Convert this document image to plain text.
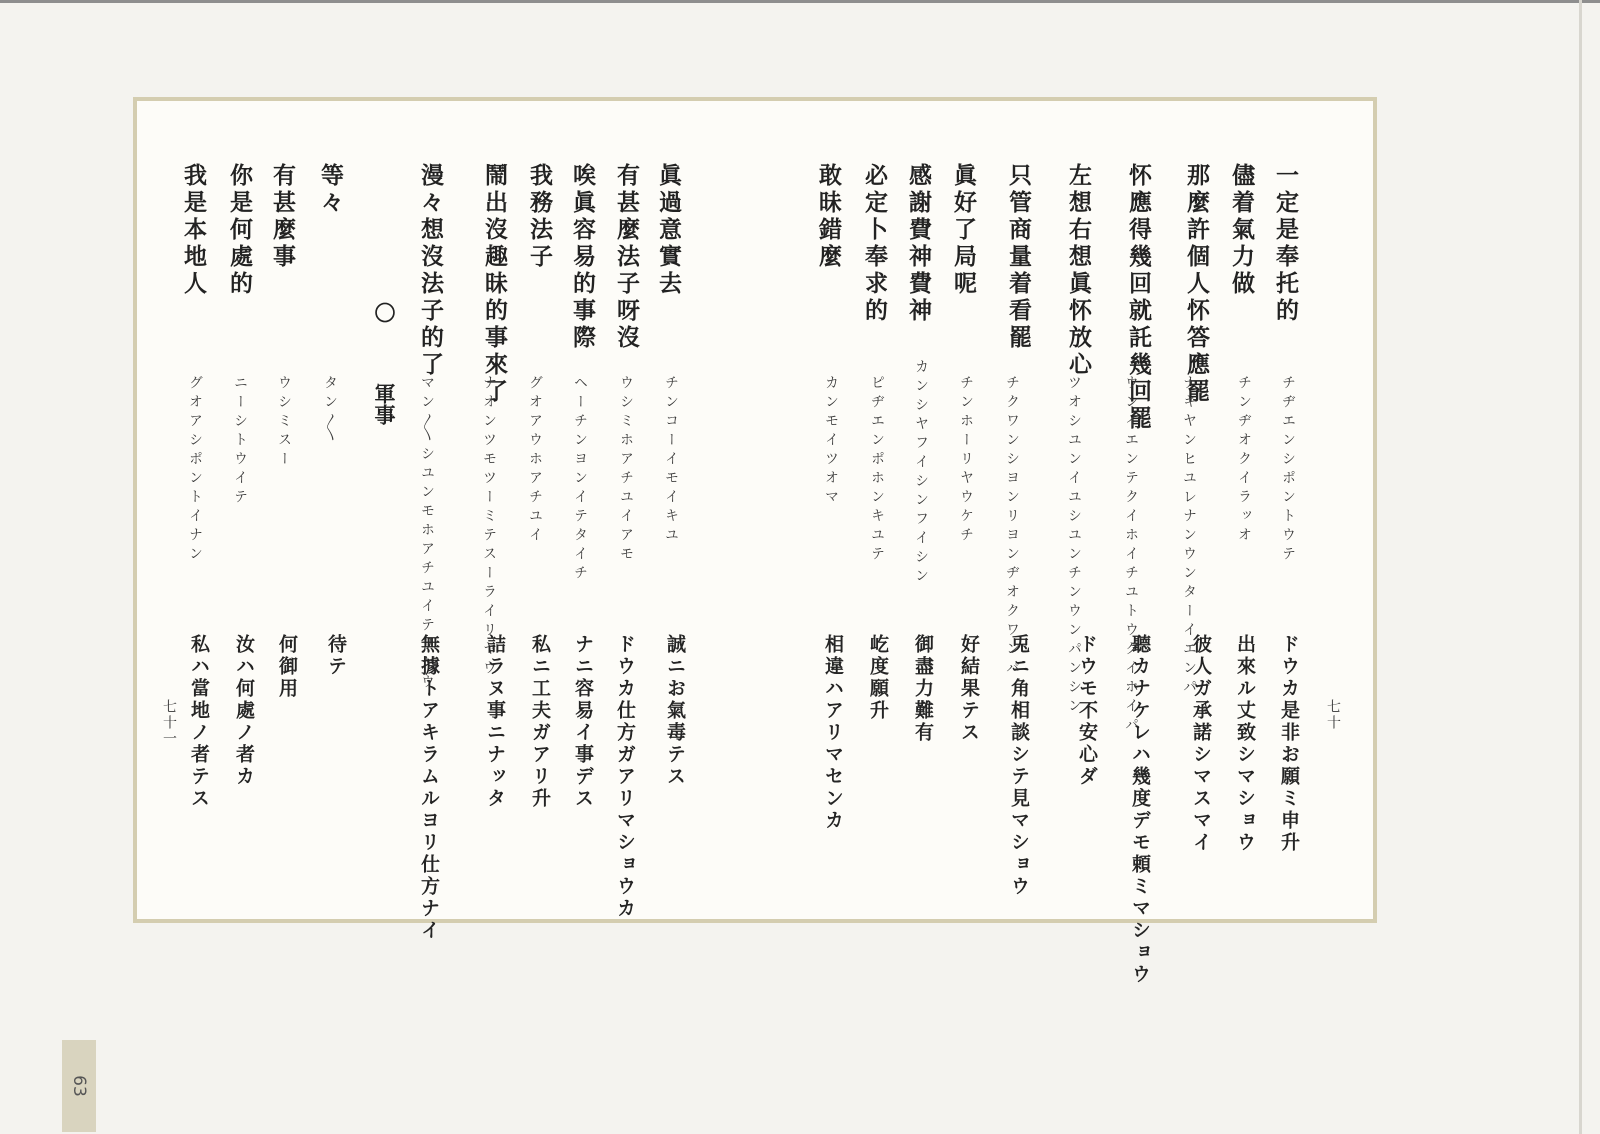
63
七十
七十一
一定是奉托的
儘着氣力做
那麼許個人怀答應罷
怀應得幾回就託幾回罷
左想右想眞怀放心
只管商量着看罷
眞好了局呢
感謝費神費神
必定卜奉求的
敢昧錯麼
チヂエンシポントウテ
チンヂオクイラッオ
ナキヤンヒユレナンウンターイエンパ
ウンイエンテクイホイチユトウクイホイパ
ツオシユンイユシユンチンウンパンシン
チクワンシヨンリヨンヂオクワンパ
チンホーリヤウケチ
カンシヤフイシンフイシン
ピヂエンポホンキユテ
カンモイツオマ
ドウカ是非お願ミ申升
出來ル丈致シマショウ
彼人ガ承諾シマスマイ
聽カナケレハ幾度デモ頼ミマショウ
ドウモ不安心ダ
兎ニ角相談シテ見マショウ
好結果テス
御盡力難有
屹度願升
相違ハアリマセンカ
眞過意實去
有甚麼法子呀沒
唉眞容易的事際
我務法子
鬧出沒趣昧的事來了
漫々想沒法子的了
等々
有甚麼事
你是何處的
我是本地人
〇軍事	チンコーイモイキユ
ウシミホアチユイアモ
ヘーチンヨンイテタイチ
グオアウホアチユイ
ナオンツモツーミテスーライリヤウ
マン〳〵シユンモホアチユイテリヤウ
タン〳〵
ウシミスー
ニーシトウイテ
グオアシポントイナン
誠ニお氣毒テス
ドウカ仕方ガアリマショウカ
ナニ容易イ事デス
私ニ工夫ガアリ升
詰ラヌ事ニナッタ
無據トアキラムルヨリ仕方ナイ
待テ
何御用
汝ハ何處ノ者カ
私ハ當地ノ者テス
